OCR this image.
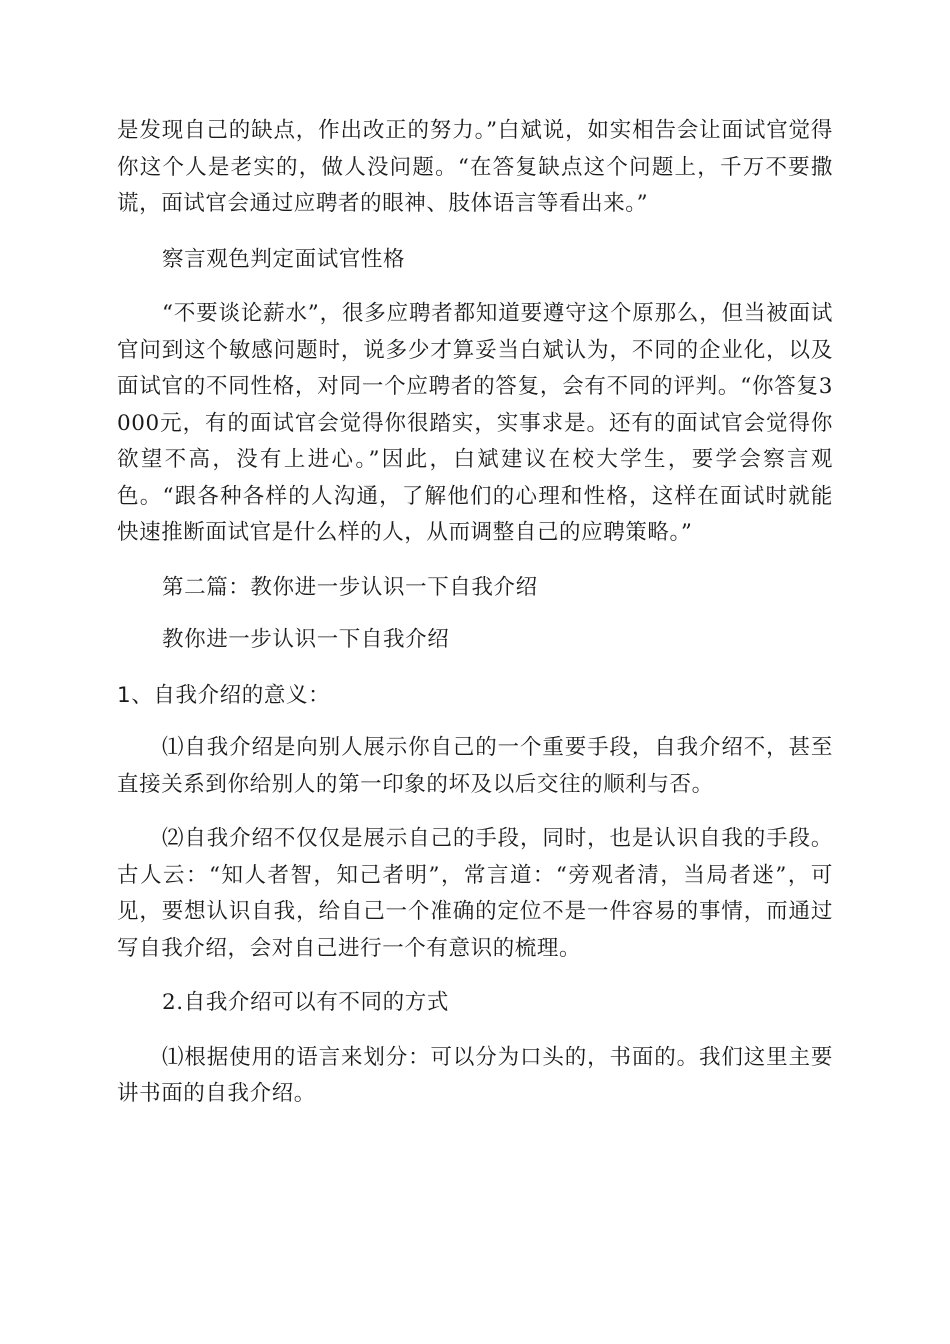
是发现自己的缺点，作出改正的努力。”白斌说，如实相告会让面试官觉得你这个人是老实的，做人没问题。“在答复缺点这个问题上，千万不要撒谎，面试官会通过应聘者的眼神、肢体语言等看出来。”

察言观色判定面试官性格

“不要谈论薪水”，很多应聘者都知道要遵守这个原那么，但当被面试官问到这个敏感问题时，说多少才算妥当白斌认为，不同的企业化，以及面试官的不同性格，对同一个应聘者的答复，会有不同的评判。“你答复3000元，有的面试官会觉得你很踏实，实事求是。还有的面试官会觉得你欲望不高，没有上进心。”因此，白斌建议在校大学生，要学会察言观色。“跟各种各样的人沟通，了解他们的心理和性格，这样在面试时就能快速推断面试官是什么样的人，从而调整自己的应聘策略。”

第二篇：教你进一步认识一下自我介绍

教你进一步认识一下自我介绍

1、自我介绍的意义：

⑴自我介绍是向别人展示你自己的一个重要手段，自我介绍不，甚至直接关系到你给别人的第一印象的坏及以后交往的顺利与否。

⑵自我介绍不仅仅是展示自己的手段，同时，也是认识自我的手段。古人云：“知人者智，知己者明”，常言道：“旁观者清，当局者迷”，可见，要想认识自我，给自己一个准确的定位不是一件容易的事情，而通过写自我介绍，会对自己进行一个有意识的梳理。

2.自我介绍可以有不同的方式

⑴根据使用的语言来划分：可以分为口头的，书面的。我们这里主要讲书面的自我介绍。
